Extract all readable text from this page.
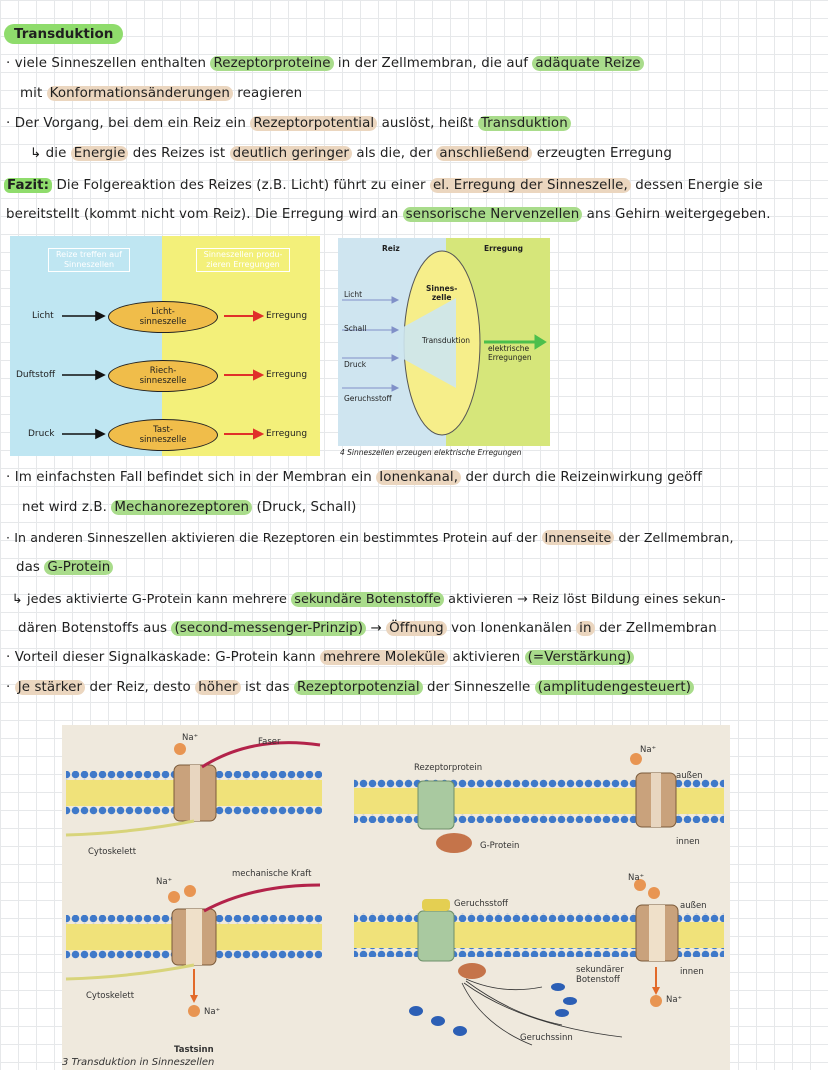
Transduktion
· viele Sinneszellen enthalten Rezeptorproteine in der Zellmembran, die auf adäquate Reize
mit Konformationsänderungen reagieren
· Der Vorgang, bei dem ein Reiz ein Rezeptorpotential auslöst, heißt Transduktion
↳ die Energie des Reizes ist deutlich geringer als die, der anschließend erzeugten Erregung
Fazit: Die Folgereaktion des Reizes (z.B. Licht) führt zu einer el. Erregung der Sinneszelle, dessen Energie sie
bereitstellt (kommt nicht vom Reiz). Die Erregung wird an sensorische Nervenzellen ans Gehirn weitergegeben.
Reize treffen auf Sinneszellen
Sinneszellen produ-zieren Erregungen
Licht	Licht-
sinneszelle
Erregung
Duftstoff	Riech-
sinneszelle
Erregung
Druck	Tast-
sinneszelle
Erregung
Reiz	Erregung
Sinnes-
zelle
Transduktion
Licht
Schall
Druck
Geruchsstoff
elektrische
Erregungen
4 Sinneszellen erzeugen elektrische Erregungen
· Im einfachsten Fall befindet sich in der Membran ein Ionenkanal, der durch die Reizeinwirkung geöff
net wird z.B. Mechanorezeptoren (Druck, Schall)
· In anderen Sinneszellen aktivieren die Rezeptoren ein bestimmtes Protein auf der Innenseite der Zellmembran,
das G-Protein
↳ jedes aktivierte G-Protein kann mehrere sekundäre Botenstoffe aktivieren → Reiz löst Bildung eines sekun-
dären Botenstoffs aus (second-messenger-Prinzip) → Öffnung von Ionenkanälen in der Zellmembran
· Vorteil dieser Signalkaskade: G-Protein kann mehrere Moleküle aktivieren (=Verstärkung)
· Je stärker der Reiz, desto höher ist das Rezeptorpotenzial der Sinneszelle (amplitudengesteuert)
Na⁺	Faser
Cytoskelett
Na⁺
mechanische Kraft
Cytoskelett
Na⁺
Tastsinn
Rezeptorprotein
Na⁺
außen
innen
G-Protein
Geruchsstoff
Na⁺
außen
sekundärer
Botenstoff
innen
Na⁺
Geruchssinn
3 Transduktion in Sinneszellen
